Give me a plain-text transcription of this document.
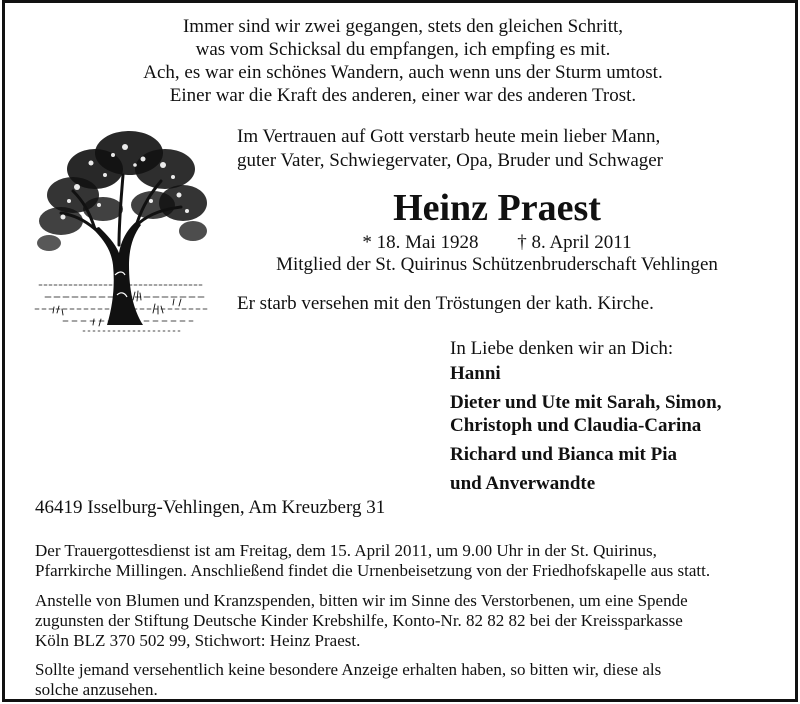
Immer sind wir zwei gegangen, stets den gleichen Schritt,
was vom Schicksal du empfangen, ich empfing es mit.
Ach, es war ein schönes Wandern, auch wenn uns der Sturm umtost.
Einer war die Kraft des anderen, einer war des anderen Trost.
Im Vertrauen auf Gott verstarb heute mein lieber Mann,
guter Vater, Schwiegervater, Opa, Bruder und Schwager
Heinz Praest
* 18. Mai 1928 † 8. April 2011
Mitglied der St. Quirinus Schützenbruderschaft Vehlingen
Er starb versehen mit den Tröstungen der kath. Kirche.
In Liebe denken wir an Dich:
Hanni
Dieter und Ute mit Sarah, Simon,
Christoph und Claudia-Carina
Richard und Bianca mit Pia
und Anverwandte
46419 Isselburg-Vehlingen, Am Kreuzberg 31
Der Trauergottesdienst ist am Freitag, dem 15. April 2011, um 9.00 Uhr in der St. Quirinus,
Pfarrkirche Millingen. Anschließend findet die Urnenbeisetzung von der Friedhofskapelle aus statt.
Anstelle von Blumen und Kranzspenden, bitten wir im Sinne des Verstorbenen, um eine Spende
zugunsten der Stiftung Deutsche Kinder Krebshilfe, Konto-Nr. 82 82 82 bei der Kreissparkasse
Köln BLZ 370 502 99, Stichwort: Heinz Praest.
Sollte jemand versehentlich keine besondere Anzeige erhalten haben, so bitten wir, diese als
solche anzusehen.
